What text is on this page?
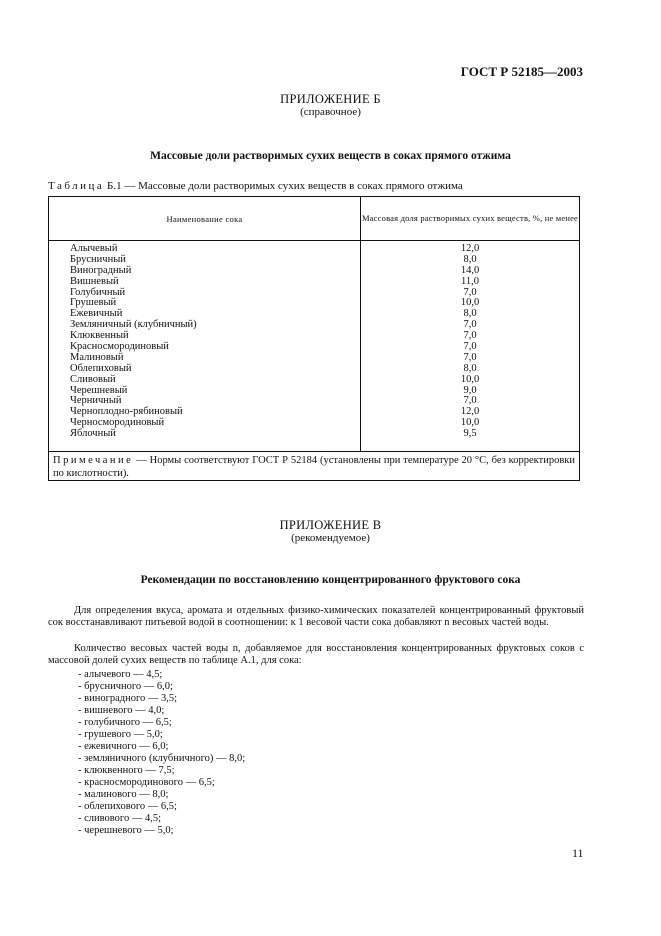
ГОСТ Р 52185—2003
ПРИЛОЖЕНИЕ Б
(справочное)
Массовые доли растворимых сухих веществ в соках прямого отжима
Таблица Б.1 — Массовые доли растворимых сухих веществ в соках прямого отжима
Наименование сока	Массовая доля растворимых сухих веществ, %, не менее
Алычевый	12,0
Брусничный	8,0
Виноградный	14,0
Вишневый	11,0
Голубичный	7,0
Грушевый	10,0
Ежевичный	8,0
Земляничный (клубничный)	7,0
Клюквенный	7,0
Красносмородиновый	7,0
Малиновый	7,0
Облепиховый	8,0
Сливовый	10,0
Черешневый	9,0
Черничный	7,0
Черноплодно-рябиновый	12,0
Черносмородиновый	10,0
Яблочный	9,5
Примечание — Нормы соответствуют ГОСТ Р 52184 (установлены при температуре 20 °С, без корректировки по кислотности).
ПРИЛОЖЕНИЕ В
(рекомендуемое)
Рекомендации по восстановлению концентрированного фруктового сока
Для определения вкуса, аромата и отдельных физико-химических показателей концентрированный фруктовый сок восстанавливают питьевой водой в соотношении: к 1 весовой части сока добавляют n весовых частей воды.
Количество весовых частей воды n, добавляемое для восстановления концентрированных фруктовых соков с массовой долей сухих веществ по таблице А.1, для сока:
- алычевого — 4,5;
- брусничного — 6,0;
- виноградного — 3,5;
- вишневого — 4,0;
- голубичного — 6,5;
- грушевого — 5,0;
- ежевичного — 6,0;
- земляничного (клубничного) — 8,0;
- клюквенного — 7,5;
- красносмородинового — 6,5;
- малинового — 8,0;
- облепихового — 6,5;
- сливового — 4,5;
- черешневого — 5,0;
11
